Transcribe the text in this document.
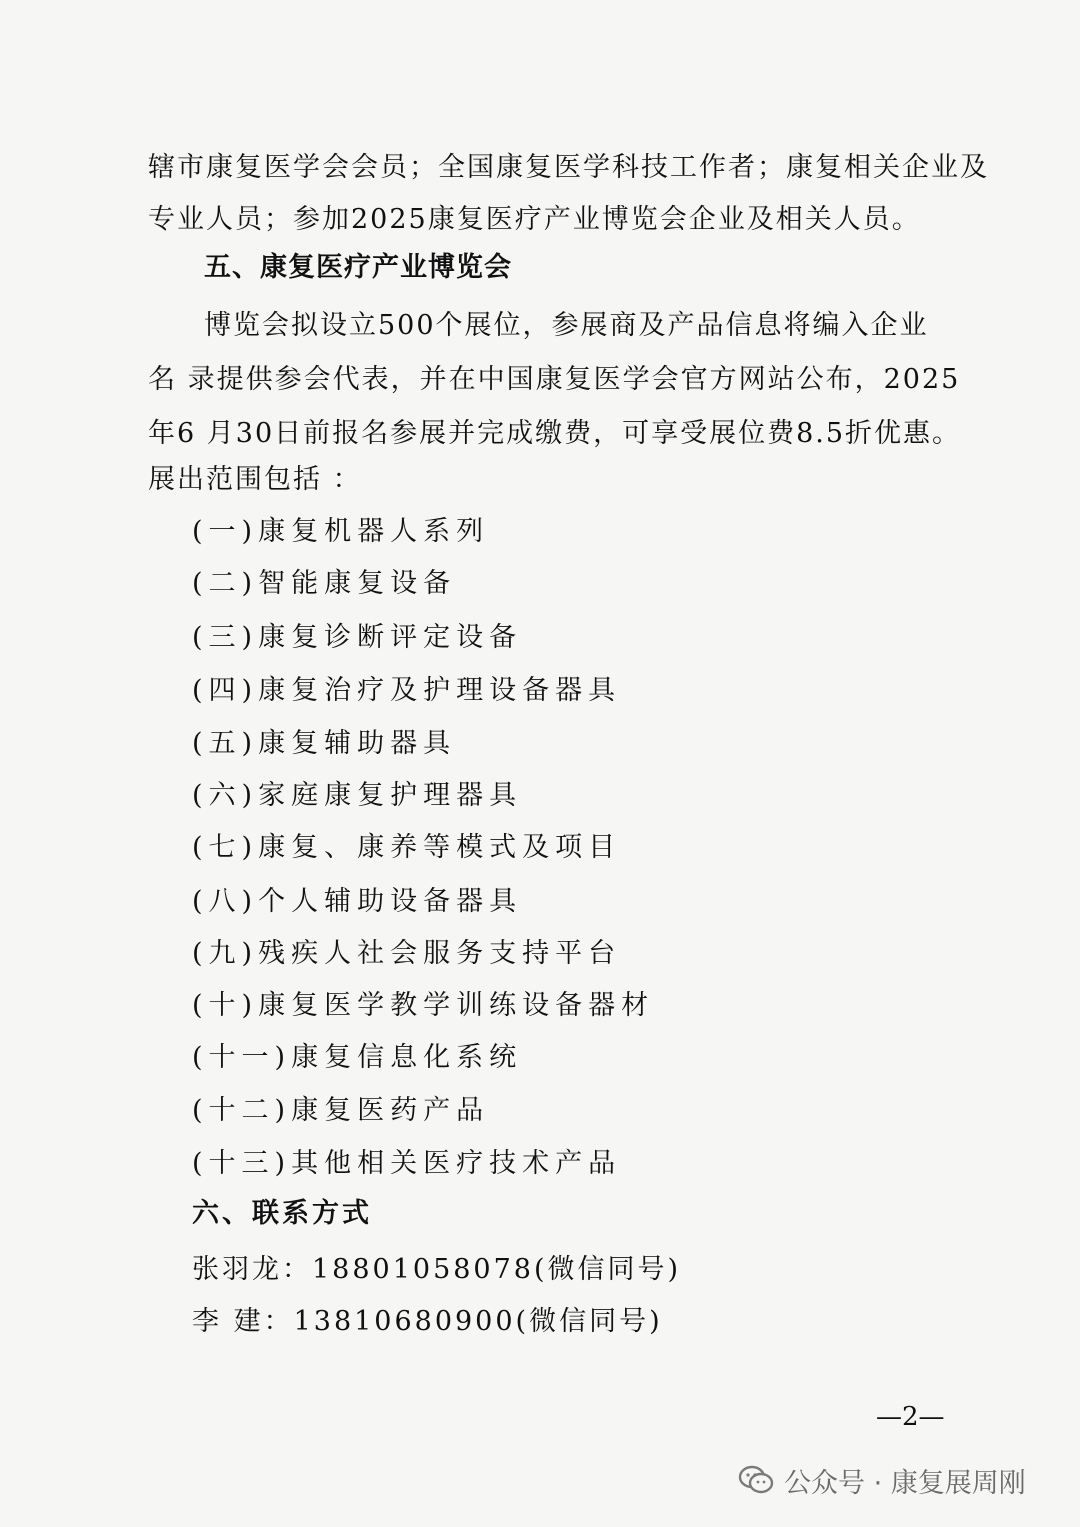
辖市康复医学会会员；全国康复医学科技工作者；康复相关企业及
专业人员；参加2025康复医疗产业博览会企业及相关人员。
五、康复医疗产业博览会
博览会拟设立500个展位，参展商及产品信息将编入企业
名 录提供参会代表，并在中国康复医学会官方网站公布，2025
年6 月30日前报名参展并完成缴费，可享受展位费8.5折优惠。
展出范围包括 ：
(一)康复机器人系列
(二)智能康复设备
(三)康复诊断评定设备
(四)康复治疗及护理设备器具
(五)康复辅助器具
(六)家庭康复护理器具
(七)康复、康养等模式及项目
(八)个人辅助设备器具
(九)残疾人社会服务支持平台
(十)康复医学教学训练设备器材
(十一)康复信息化系统
(十二)康复医药产品
(十三)其他相关医疗技术产品
六、联系方式
张羽龙：18801058078(微信同号)
李 建：13810680900(微信同号)
—2—
公众号 · 康复展周刚
